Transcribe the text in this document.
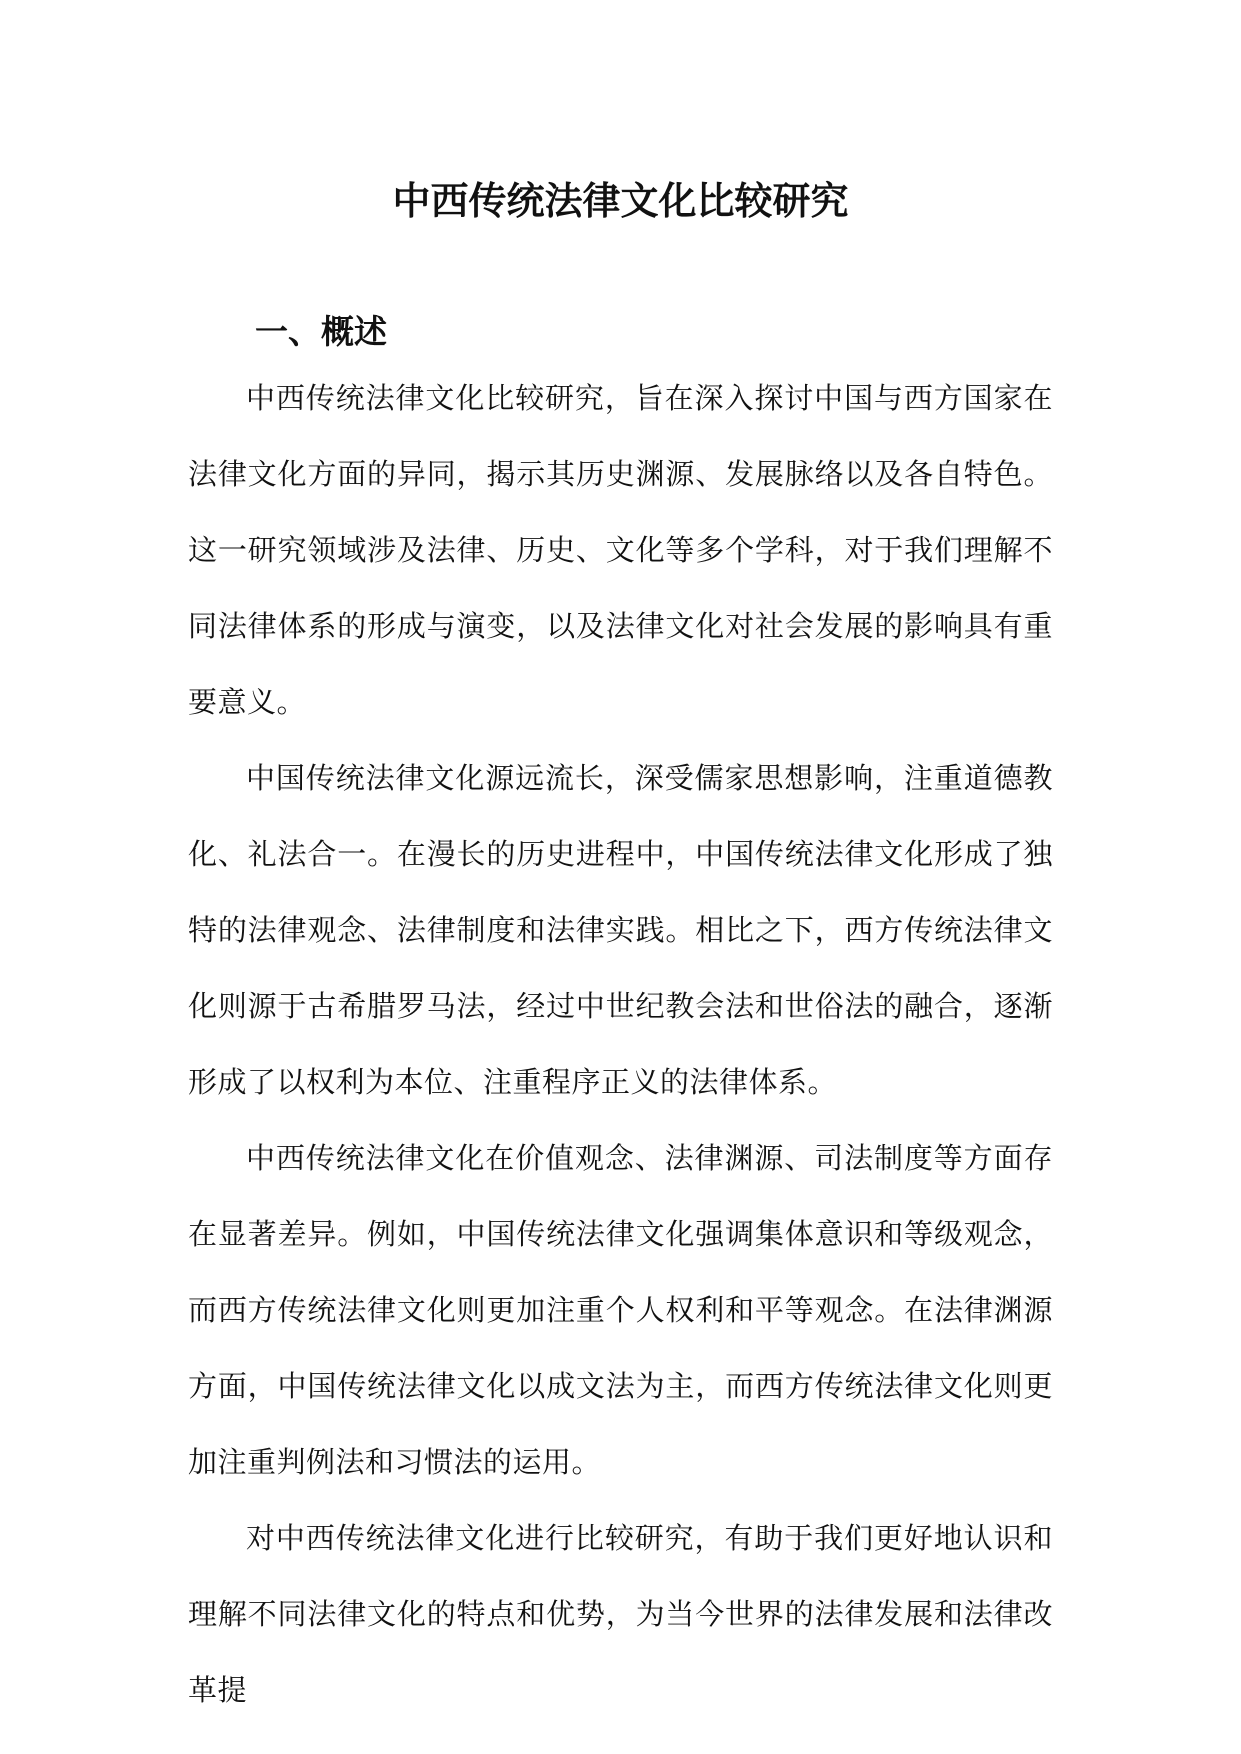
中西传统法律文化比较研究
一、概述

中西传统法律文化比较研究，旨在深入探讨中国与西方国家在法律文化方面的异同，揭示其历史渊源、发展脉络以及各自特色。这一研究领域涉及法律、历史、文化等多个学科，对于我们理解不同法律体系的形成与演变，以及法律文化对社会发展的影响具有重要意义。

中国传统法律文化源远流长，深受儒家思想影响，注重道德教化、礼法合一。在漫长的历史进程中，中国传统法律文化形成了独特的法律观念、法律制度和法律实践。相比之下，西方传统法律文化则源于古希腊罗马法，经过中世纪教会法和世俗法的融合，逐渐形成了以权利为本位、注重程序正义的法律体系。

中西传统法律文化在价值观念、法律渊源、司法制度等方面存在显著差异。例如，中国传统法律文化强调集体意识和等级观念，而西方传统法律文化则更加注重个人权利和平等观念。在法律渊源方面，中国传统法律文化以成文法为主，而西方传统法律文化则更加注重判例法和习惯法的运用。

对中西传统法律文化进行比较研究，有助于我们更好地认识和理解不同法律文化的特点和优势，为当今世界的法律发展和法律改革提
